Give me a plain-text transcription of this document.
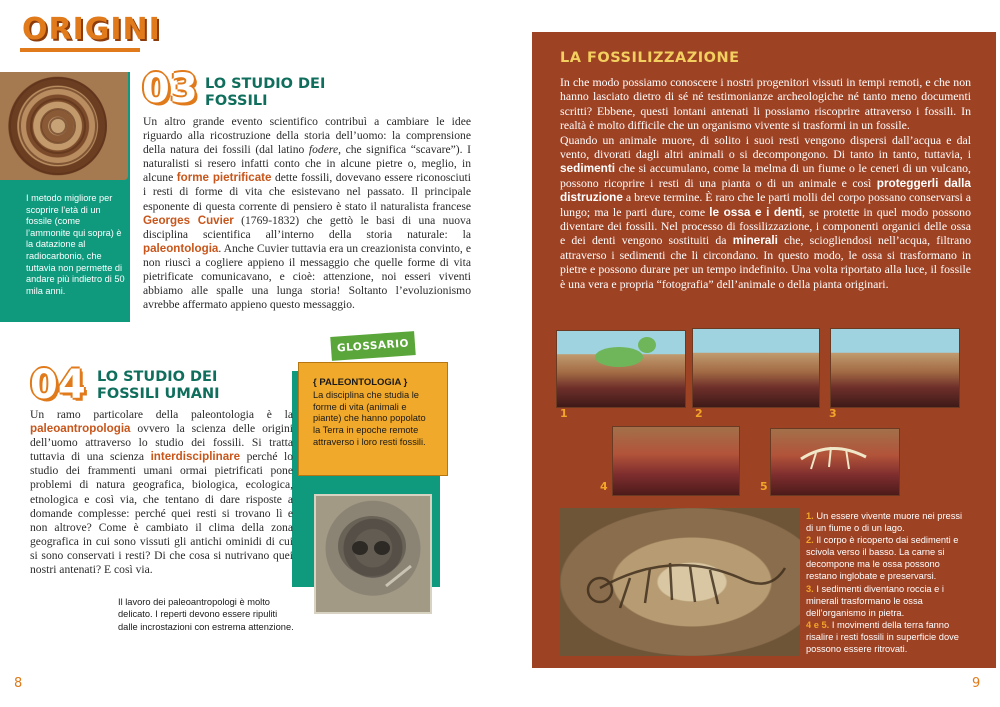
ORIGINI
I metodo migliore per scoprire l’età di un fossile (come l’ammonite qui sopra) è la datazione al radiocarbonio, che tuttavia non permette di andare più indietro di 50 mila anni.
03 LO STUDIO DEI FOSSILI
Un altro grande evento scientifico contribuì a cambiare le idee riguardo alla ricostruzione della storia dell’uomo: la comprensione della natura dei fossili (dal latino fodere, che significa “scavare”). I naturalisti si resero infatti conto che in alcune pietre o, meglio, in alcune forme pietrificate dette fossili, dovevano essere riconosciuti i resti di forme di vita che esistevano nel passato. Il principale esponente di questa corrente di pensiero è stato il naturalista francese Georges Cuvier (1769-1832) che gettò le basi di una nuova disciplina scientifica all’interno della storia naturale: la paleontologia. Anche Cuvier tuttavia era un creazionista convinto, e non riuscì a cogliere appieno il messaggio che quelle forme di vita pietrificate comunicavano, e cioè: attenzione, noi esseri viventi abbiamo alle spalle una lunga storia! Soltanto l’evoluzionismo avrebbe affermato appieno questo messaggio.
04 LO STUDIO DEI FOSSILI UMANI
Un ramo particolare della paleontologia è la paleoantropologia ovvero la scienza delle origini dell’uomo attraverso lo studio dei fossili. Si tratta tuttavia di una scienza interdisciplinare perché lo studio dei frammenti umani ormai pietrificati pone problemi di natura geografica, biologica, ecologica, etnologica e così via, che tentano di dare risposte a domande complesse: perché quei resti si trovano lì e non altrove? Come è cambiato il clima della zona geografica in cui sono vissuti gli antichi ominidi di cui si sono conservati i resti? Di che cosa si nutrivano quei nostri antenati? E così via.
GLOSSARIO
{ PALEONTOLOGIA }
La disciplina che studia le forme di vita (animali e piante) che hanno popolato la Terra in epoche remote attraverso i loro resti fossili.
Il lavoro dei paleoantropologi è molto delicato. I reperti devono essere ripuliti dalle incrostazioni con estrema attenzione.
8
LA FOSSILIZZAZIONE
In che modo possiamo conoscere i nostri progenitori vissuti in tempi remoti, e che non hanno lasciato dietro di sé né testimonianze archeologiche né tanto meno documenti scritti? Ebbene, questi lontani antenati li possiamo riscoprire attraverso i fossili. In realtà è molto difficile che un organismo vivente si trasformi in un fossile.
Quando un animale muore, di solito i suoi resti vengono dispersi dall’acqua e dal vento, divorati dagli altri animali o si decompongono. Di tanto in tanto, tuttavia, i sedimenti che si accumulano, come la melma di un fiume o le ceneri di un vulcano, possono ricoprire i resti di una pianta o di un animale e così proteggerli dalla distruzione a breve termine. È raro che le parti molli del corpo possano conservarsi a lungo; ma le parti dure, come le ossa e i denti, se protette in quel modo possono diventare dei fossili. Nel processo di fossilizzazione, i componenti organici delle ossa e dei denti vengono sostituiti da minerali che, sciogliendosi nell’acqua, filtrano attraverso i sedimenti che li circondano. In questo modo, le ossa si trasformano in pietre e possono durare per un tempo indefinito. Una volta riportato alla luce, il fossile è una vera e propria “fotografia” dell’animale o della pianta originari.
1	2	3
4	5
1. Un essere vivente muore nei pressi di un fiume o di un lago.
2. Il corpo è ricoperto dai sedimenti e scivola verso il basso. La carne si decompone ma le ossa possono restano inglobate e preservarsi.
3. I sedimenti diventano roccia e i minerali trasformano le ossa dell’organismo in pietra.
4 e 5. I movimenti della terra fanno risalire i resti fossili in superficie dove possono essere ritrovati.
9
